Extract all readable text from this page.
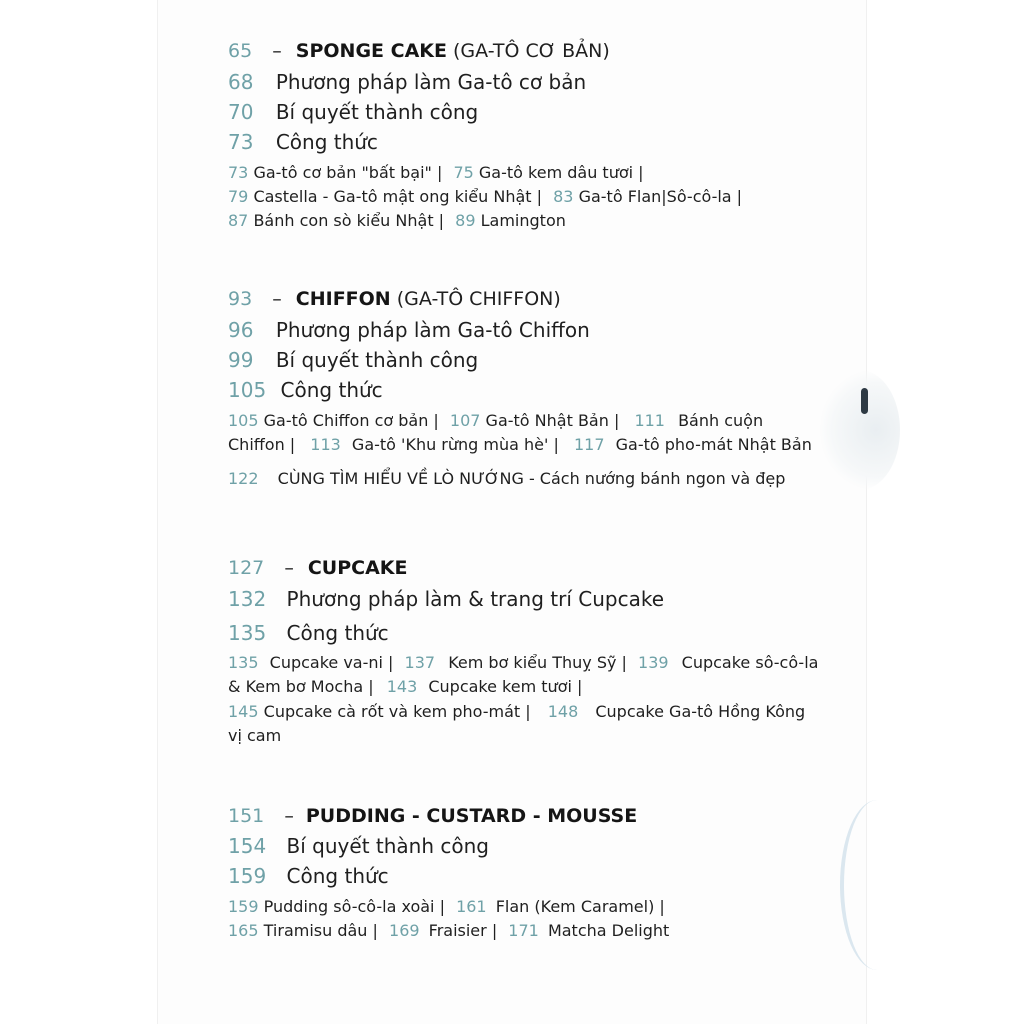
65 – SPONGE CAKE (GA-TÔ CƠ BẢN)
68 Phương pháp làm Ga-tô cơ bản
70 Bí quyết thành công
73 Công thức
73 Ga-tô cơ bản "bất bại" | 75 Ga-tô kem dâu tươi |
79 Castella - Ga-tô mật ong kiểu Nhật | 83 Ga-tô Flan|Sô-cô-la |
87 Bánh con sò kiểu Nhật | 89 Lamington
93 – CHIFFON (GA-TÔ CHIFFON)
96 Phương pháp làm Ga-tô Chiffon
99 Bí quyết thành công
105 Công thức
105 Ga-tô Chiffon cơ bản | 107 Ga-tô Nhật Bản | 111 Bánh cuộn
Chiffon | 113 Ga-tô 'Khu rừng mùa hè' | 117 Ga-tô pho-mát Nhật Bản
122 CÙNG TÌM HIỂU VỀ LÒ NƯỚNG - Cách nướng bánh ngon và đẹp
127 – CUPCAKE
132 Phương pháp làm & trang trí Cupcake
135 Công thức
135 Cupcake va-ni | 137 Kem bơ kiểu Thuỵ Sỹ | 139 Cupcake sô-cô-la
& Kem bơ Mocha | 143 Cupcake kem tươi |
145 Cupcake cà rốt và kem pho-mát | 148 Cupcake Ga-tô Hồng Kông
vị cam
151 – PUDDING - CUSTARD - MOUSSE
154 Bí quyết thành công
159 Công thức
159 Pudding sô-cô-la xoài | 161 Flan (Kem Caramel) |
165 Tiramisu dâu | 169 Fraisier | 171 Matcha Delight
